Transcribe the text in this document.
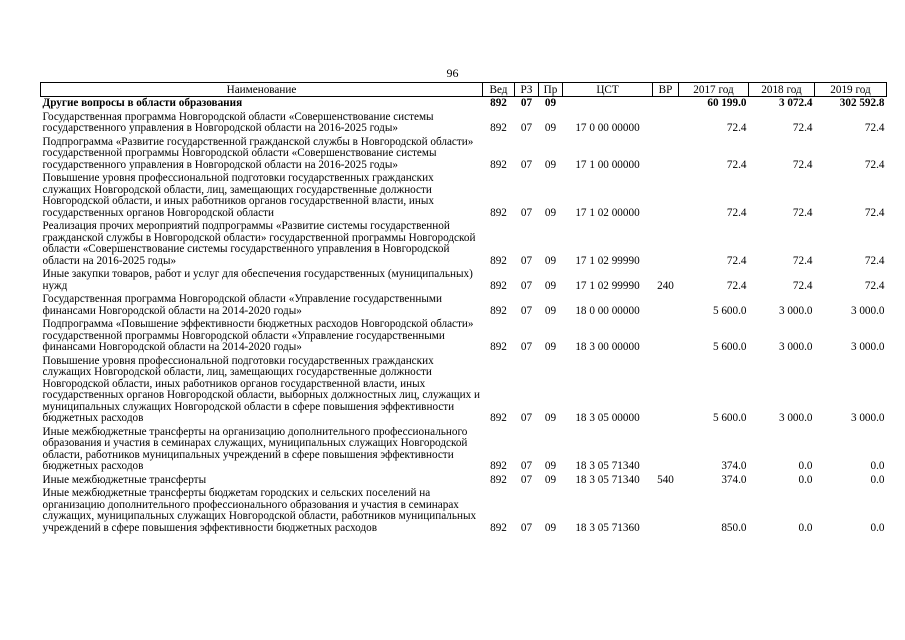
96
Наименование	Вед	РЗ	Пр	ЦСТ	ВР	2017 год	2018 год	2019 год
Другие вопросы в области образования	892	07	09			60 199.0	3 072.4	302 592.8
Государственная программа Новгородской области «Совершенствование системы государственного управления в Новгородской области на 2016-2025 годы»	892	07	09	17 0 00 00000		72.4	72.4	72.4
Подпрограмма «Развитие государственной гражданской службы в Новгородской области» государственной программы Новгородской области «Совершенствование системы государственного управления в Новгородской области на 2016-2025 годы»	892	07	09	17 1 00 00000		72.4	72.4	72.4
Повышение уровня профессиональной подготовки государственных гражданских служащих Новгородской области, лиц, замещающих государственные должности Новгородской области, и иных работников органов государственной власти, иных государственных органов Новгородской области	892	07	09	17 1 02 00000		72.4	72.4	72.4
Реализация прочих мероприятий подпрограммы «Развитие системы государственной гражданской службы в Новгородской области» государственной программы Новгородской области «Совершенствование системы государственного управления в Новгородской области на 2016-2025 годы»	892	07	09	17 1 02 99990		72.4	72.4	72.4
Иные закупки товаров, работ и услуг для обеспечения государственных (муниципальных) нужд	892	07	09	17 1 02 99990	240	72.4	72.4	72.4
Государственная программа Новгородской области «Управление государственными финансами Новгородской области на 2014-2020 годы»	892	07	09	18 0 00 00000		5 600.0	3 000.0	3 000.0
Подпрограмма «Повышение эффективности бюджетных расходов Новгородской области» государственной программы Новгородской области «Управление государственными финансами Новгородской области на 2014-2020 годы»	892	07	09	18 3 00 00000		5 600.0	3 000.0	3 000.0
Повышение уровня профессиональной подготовки государственных гражданских служащих Новгородской области, лиц, замещающих государственные должности Новгородской области, иных работников органов государственной власти, иных государственных органов Новгородской области, выборных должностных лиц, служащих и муниципальных служащих Новгородской области в сфере повышения эффективности бюджетных расходов	892	07	09	18 3 05 00000		5 600.0	3 000.0	3 000.0
Иные межбюджетные трансферты на организацию дополнительного профессионального образования и участия в семинарах служащих, муниципальных служащих Новгородской области, работников муниципальных учреждений в сфере повышения эффективности бюджетных расходов	892	07	09	18 3 05 71340		374.0	0.0	0.0
Иные межбюджетные трансферты	892	07	09	18 3 05 71340	540	374.0	0.0	0.0
Иные межбюджетные трансферты бюджетам городских и сельских поселений на организацию дополнительного профессионального образования и участия в семинарах служащих, муниципальных служащих Новгородской области, работников муниципальных учреждений в сфере повышения эффективности бюджетных расходов	892	07	09	18 3 05 71360		850.0	0.0	0.0
